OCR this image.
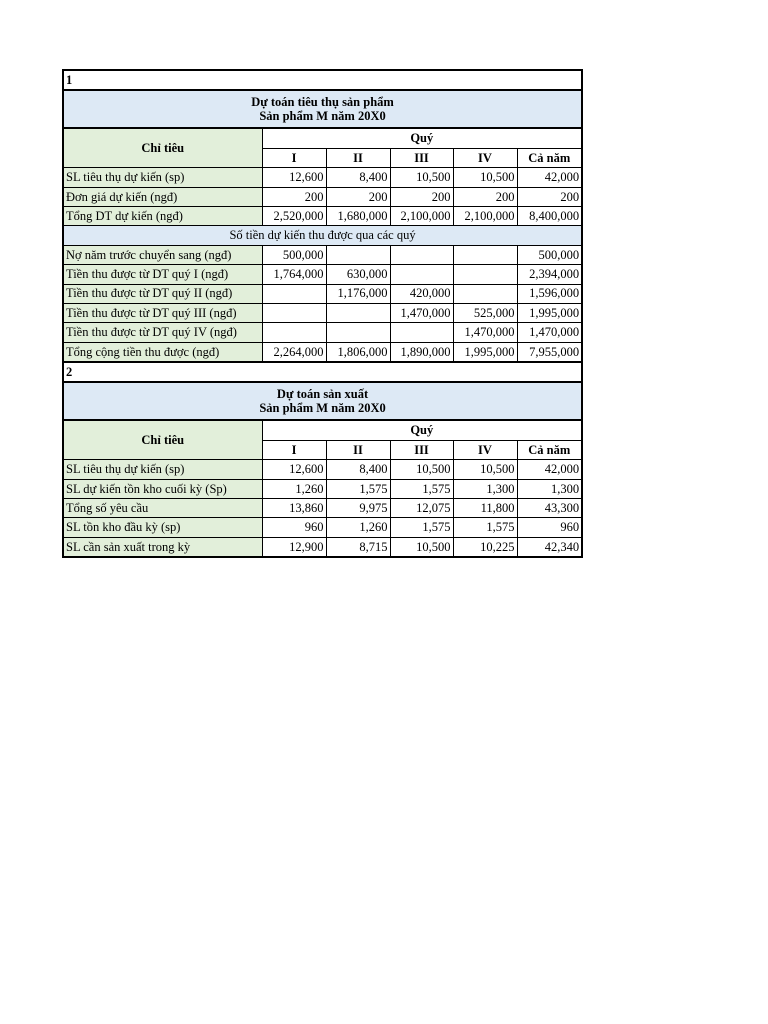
1					

Dự toán tiêu thụ sản phẩm
Sản phẩm M năm 20X0					

Chỉ tiêu	Quý				
	I	II	III	IV	Cả năm
SL tiêu thụ dự kiến (sp)	12,600	8,400	10,500	10,500	42,000
Đơn giá dự kiến (ngđ)	200	200	200	200	200
Tổng DT dự kiến (ngđ)	2,520,000	1,680,000	2,100,000	2,100,000	8,400,000
Số tiền dự kiến thu được qua các quý					
Nợ năm trước chuyển sang (ngđ)	500,000				500,000
Tiền thu được từ DT quý I (ngđ)	1,764,000	630,000			2,394,000
Tiền thu được từ DT quý II (ngđ)		1,176,000	420,000		1,596,000
Tiền thu được từ DT quý III (ngđ)			1,470,000	525,000	1,995,000
Tiền thu được từ DT quý IV (ngđ)				1,470,000	1,470,000
Tổng cộng tiền thu được (ngđ)	2,264,000	1,806,000	1,890,000	1,995,000	7,955,000
2					

Dự toán sản xuất
Sản phẩm M năm 20X0					

Chỉ tiêu	Quý				
	I	II	III	IV	Cả năm
SL tiêu thụ dự kiến (sp)	12,600	8,400	10,500	10,500	42,000
SL dự kiến tồn kho cuối kỳ (Sp)	1,260	1,575	1,575	1,300	1,300
Tổng số yêu cầu	13,860	9,975	12,075	11,800	43,300
SL tồn kho đầu kỳ (sp)	960	1,260	1,575	1,575	960
SL cần sản xuất trong kỳ	12,900	8,715	10,500	10,225	42,340
